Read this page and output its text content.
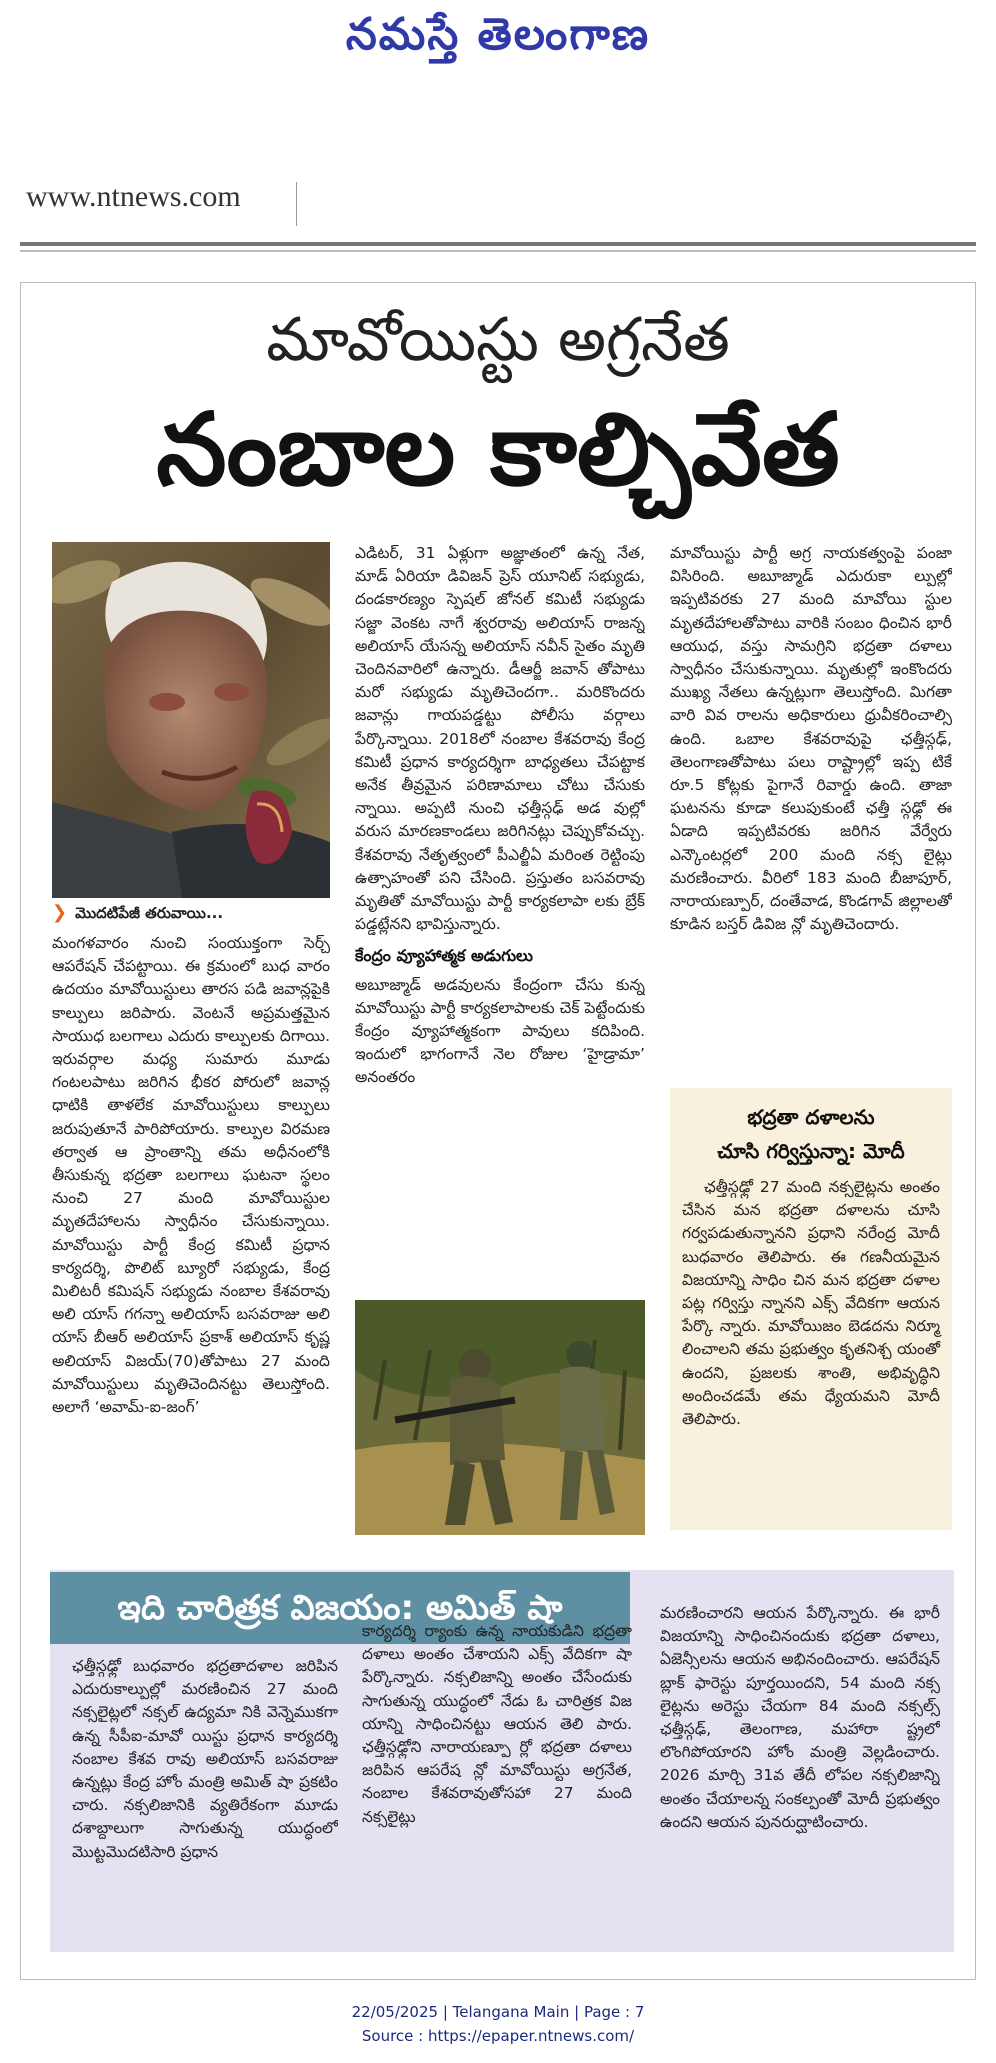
నమస్తే తెలంగాణ
www.ntnews.com
మావోయిస్టు అగ్రనేత
నంబాల కాల్చివేత
❯ మొదటిపేజీ తరువాయి...

మంగళవారం నుంచి సంయుక్తంగా సెర్చ్ ఆపరేషన్ చేపట్టాయి. ఈ క్రమంలో బుధ వారం ఉదయం మావోయిస్టులు తారస పడి జవాన్లపైకి కాల్పులు జరిపారు. వెంటనే అప్రమత్తమైన సాయుధ బలగాలు ఎదురు కాల్పులకు దిగాయి. ఇరువర్గాల మధ్య సుమారు మూడు గంటలపాటు జరిగిన భీకర పోరులో జవాన్ల ధాటికి తాళలేక మావోయిస్టులు కాల్పులు జరుపుతూనే పారిపోయారు. కాల్పుల విరమణ తర్వాత ఆ ప్రాంతాన్ని తమ అధీనంలోకి తీసుకున్న భద్రతా బలగాలు ఘటనా స్థలం నుంచి 27 మంది మావోయిస్టుల మృతదేహాలను స్వాధీనం చేసుకున్నాయి. మావోయిస్టు పార్టీ కేంద్ర కమిటీ ప్రధాన కార్యదర్శి, పొలిట్ బ్యూరో సభ్యుడు, కేంద్ర మిలిటరీ కమిషన్ సభ్యుడు నంబాల కేశవరావు అలి యాస్ గగన్నా అలియాస్ బసవరాజు అలి యాస్ బీఆర్ అలియాస్ ప్రకాశ్ అలియాస్ కృష్ణ అలియాస్ విజయ్(70)తోపాటు 27 మంది మావోయిస్టులు మృతిచెందినట్టు తెలుస్తోంది. అలాగే ‘అవామ్-ఐ-జంగ్’

ఎడిటర్, 31 ఏళ్లుగా అజ్ఞాతంలో ఉన్న నేత, మాడ్ ఏరియా డివిజన్ ప్రెస్ యూనిట్ సభ్యుడు, దండకారణ్యం స్పెషల్ జోనల్ కమిటీ సభ్యుడు సజ్జా వెంకట నాగే శ్వరరావు అలియాస్ రాజన్న అలియాస్ యేసన్న అలియాస్ నవీన్ సైతం మృతి చెందినవారిలో ఉన్నారు. డీఆర్జీ జవాన్ తోపాటు మరో సభ్యుడు మృతిచెందగా.. మరికొందరు జవాన్లు గాయపడ్డట్టు పోలీసు వర్గాలు పేర్కొన్నాయి. 2018లో నంబాల కేశవరావు కేంద్ర కమిటీ ప్రధాన కార్యదర్శిగా బాధ్యతలు చేపట్టాక అనేక తీవ్రమైన పరిణామాలు చోటు చేసుకు న్నాయి. అప్పటి నుంచి ఛత్తీస్గఢ్ అడ వుల్లో వరుస మారణకాండలు జరిగినట్లు చెప్పుకోవచ్చు. కేశవరావు నేతృత్వంలో పీఎల్జీఏ మరింత రెట్టింపు ఉత్సాహంతో పని చేసింది. ప్రస్తుతం బసవరావు మృతితో మావోయిస్టు పార్టీ కార్యకలాపా లకు బ్రేక్ పడ్డట్లేనని భావిస్తున్నారు.

కేంద్రం వ్యూహాత్మక అడుగులు

అబూజ్మాడ్ అడవులను కేంద్రంగా చేసు కున్న మావోయిస్టు పార్టీ కార్యకలాపాలకు చెక్ పెట్టేందుకు కేంద్రం వ్యూహాత్మకంగా పావులు కదిపింది. ఇందులో భాగంగానే నెల రోజుల ‘హైడ్రామా’ అనంతరం

మావోయిస్టు పార్టీ అగ్ర నాయకత్వంపై పంజా విసిరింది. అబూజ్మాడ్ ఎదురుకా ల్పుల్లో ఇప్పటివరకు 27 మంది మావోయి స్టుల మృతదేహాలతోపాటు వారికి సంబం ధించిన భారీ ఆయుధ, వస్తు సామగ్రిని భద్రతా దళాలు స్వాధీనం చేసుకున్నాయి. మృతుల్లో ఇంకొందరు ముఖ్య నేతలు ఉన్నట్లుగా తెలుస్తోంది. మిగతా వారి వివ రాలను అధికారులు ధ్రువీకరించాల్సి ఉంది. ఒబాల కేశవరావుపై ఛత్తీస్గఢ్, తెలంగాణతోపాటు పలు రాష్ట్రాల్లో ఇప్ప టికే రూ.5 కోట్లకు పైగానే రివార్డు ఉంది. తాజా ఘటనను కూడా కలుపుకుంటే ఛత్తీ స్గఢ్లో ఈ ఏడాది ఇప్పటివరకు జరిగిన వేర్వేరు ఎన్కౌంటర్లలో 200 మంది నక్స లైట్లు మరణించారు. వీరిలో 183 మంది బీజాపూర్, నారాయణ్పూర్, దంతేవాడ, కొండగావ్ జిల్లాలతో కూడిన బస్తర్ డివిజ న్లో మృతిచెందారు.

భద్రతా దళాలను
చూసి గర్విస్తున్నా: మోదీ
ఛత్తీస్గఢ్లో 27 మంది నక్సలైట్లను అంతం చేసిన మన భద్రతా దళాలను చూసి గర్వపడుతున్నానని ప్రధాని నరేంద్ర మోదీ బుధవారం తెలిపారు. ఈ గణనీయమైన విజయాన్ని సాధిం చిన మన భద్రతా దళాల పట్ల గర్విస్తు న్నానని ఎక్స్ వేదికగా ఆయన పేర్కొ న్నారు. మావోయిజం బెడదను నిర్మూ లించాలని తమ ప్రభుత్వం కృతనిశ్చ యంతో ఉందని, ప్రజలకు శాంతి, అభివృద్ధిని అందించడమే తమ ధ్యేయమని మోదీ తెలిపారు.
ఇది చారిత్రక విజయం: అమిత్ షా

ఛత్తీస్గఢ్లో బుధవారం భద్రతాదళాల జరిపిన ఎదురుకాల్పుల్లో మరణించిన 27 మంది నక్సలైట్లలో నక్సల్ ఉద్యమా నికి వెన్నెముకగా ఉన్న సీపీఐ-మావో యిస్టు ప్రధాన కార్యదర్శి నంబాల కేశవ రావు అలియాస్ బసవరాజు ఉన్నట్లు కేంద్ర హోం మంత్రి అమిత్ షా ప్రకటిం చారు. నక్సలిజానికి వ్యతిరేకంగా మూడు దశాబ్దాలుగా సాగుతున్న యుద్ధంలో మొట్టమొదటిసారి ప్రధాన

కార్యదర్శి ర్యాంకు ఉన్న నాయకుడిని భద్రతా దళాలు అంతం చేశాయని ఎక్స్ వేదికగా షా పేర్కొన్నారు. నక్సలిజాన్ని అంతం చేసేందుకు సాగుతున్న యుద్ధంలో నేడు ఓ చారిత్రక విజ యాన్ని సాధించినట్టు ఆయన తెలి పారు. ఛత్తీస్గఢ్లోని నారాయణ్పూ ర్లో భద్రతా దళాలు జరిపిన ఆపరేష న్లో మావోయిస్టు అగ్రనేత, నంబాల కేశవరావుతోసహా 27 మంది నక్సలైట్లు

మరణించారని ఆయన పేర్కొన్నారు. ఈ భారీ విజయాన్ని సాధించినందుకు భద్రతా దళాలు, ఏజెన్సీలను ఆయన అభినందించారు. ఆపరేషన్ బ్లాక్ ఫారెస్టు పూర్తయిందని, 54 మంది నక్స లైట్లను అరెస్టు చేయగా 84 మంది నక్సల్స్ ఛత్తీస్గఢ్, తెలంగాణ, మహారా ష్ట్రలో లొంగిపోయారని హోం మంత్రి వెల్లడించారు. 2026 మార్చి 31వ తేదీ లోపల నక్సలిజాన్ని అంతం చేయాలన్న సంకల్పంతో మోదీ ప్రభుత్వం ఉందని ఆయన పునరుద్ఘాటించారు.

22/05/2025 | Telangana Main | Page : 7
Source : https://epaper.ntnews.com/
